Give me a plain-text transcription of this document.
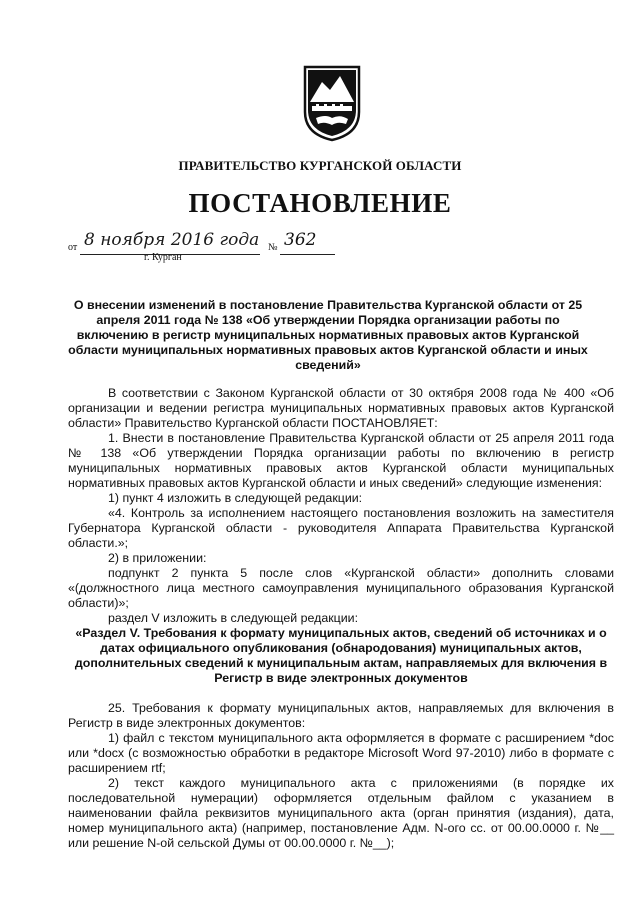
ПРАВИТЕЛЬСТВО КУРГАНСКОЙ ОБЛАСТИ
ПОСТАНОВЛЕНИЕ
от 8 ноября 2016 года № 362
г. Курган
О внесении изменений в постановление Правительства Курганской области от 25 апреля 2011 года № 138 «Об утверждении Порядка организации работы по включению в регистр муниципальных нормативных правовых актов Курганской области муниципальных нормативных правовых актов Курганской области и иных сведений»

В соответствии с Законом Курганской области от 30 октября 2008 года № 400 «Об организации и ведении регистра муниципальных нормативных правовых актов Курганской области» Правительство Курганской области ПОСТАНОВЛЯЕТ:

1. Внести в постановление Правительства Курганской области от 25 апреля 2011 года № 138 «Об утверждении Порядка организации работы по включению в регистр муниципальных нормативных правовых актов Курганской области муниципальных нормативных правовых актов Курганской области и иных сведений» следующие изменения:

1) пункт 4 изложить в следующей редакции:

«4. Контроль за исполнением настоящего постановления возложить на заместителя Губернатора Курганской области - руководителя Аппарата Правительства Курганской области.»;

2) в приложении:

подпункт 2 пункта 5 после слов «Курганской области» дополнить словами «(должностного лица местного самоуправления муниципального образования Курганской области)»;

раздел V изложить в следующей редакции:

«Раздел V. Требования к формату муниципальных актов, сведений об источниках и о датах официального опубликования (обнародования) муниципальных актов, дополнительных сведений к муниципальным актам, направляемых для включения в Регистр в виде электронных документов

25. Требования к формату муниципальных актов, направляемых для включения в Регистр в виде электронных документов:

1) файл с текстом муниципального акта оформляется в формате с расширением *doc или *docx (с возможностью обработки в редакторе Microsoft Word 97-2010) либо в формате с расширением rtf;

2) текст каждого муниципального акта с приложениями (в порядке их последовательной нумерации) оформляется отдельным файлом с указанием в наименовании файла реквизитов муниципального акта (орган принятия (издания), дата, номер муниципального акта) (например, постановление Адм. N-ого сс. от 00.00.0000 г. №__ или решение N-ой сельской Думы от 00.00.0000 г. №__);
